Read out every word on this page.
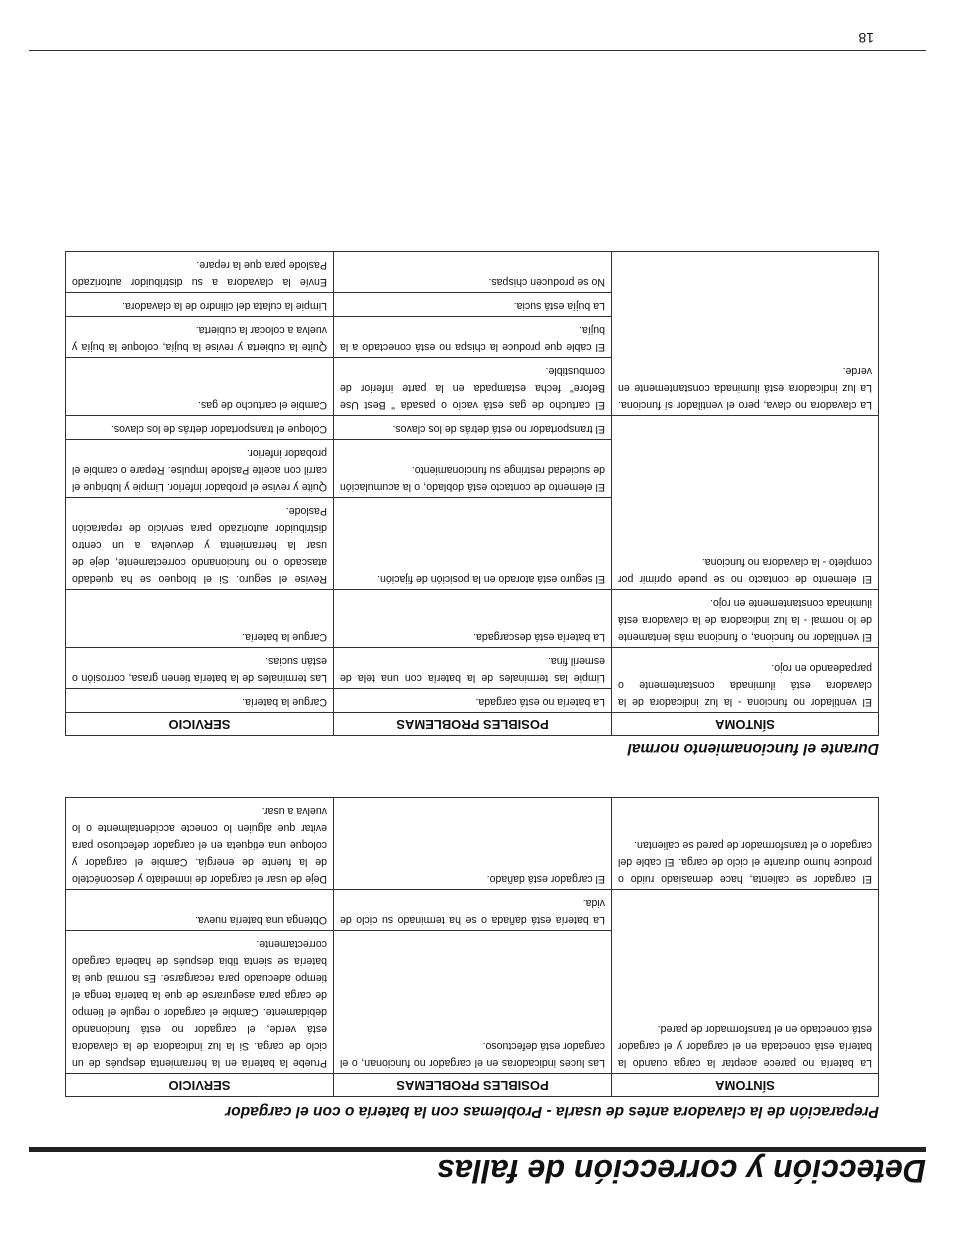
Detección y corrección de fallas
Preparación de la clavadora antes de usarla - Problemas con la batería o con el cargador
SÍNTOMA	POSIBLES PROBLEMAS	SERVICIO
La batería no parece aceptar la carga cuando la batería está conectada en el cargador y el cargador está conectado en el transformador de pared.	Las luces indicadoras en el cargador no funcionan, o el cargador está defectuoso.	Pruebe la batería en la herramienta después de un ciclo de carga. Si la luz indicadora de la clavadora está verde, el cargador no está funcionando debidamente. Cambie el cargador o regule el tiempo de carga para asegurarse de que la batería tenga el tiempo adecuado para recargarse. Es normal que la batería se sienta tibia después de haberla cargado correctamente.
	La batería está dañada o se ha terminado su ciclo de vida.	Obtenga una batería nueva.
El cargador se calienta, hace demasiado ruido o produce humo durante el ciclo de carga. El cable del cargador o el transformador de pared se calientan.	El cargador está dañado.	Deje de usar el cargador de inmediato y desconéctelo de la fuente de energía. Cambie el cargador y coloque una etiqueta en el cargador defectuoso para evitar que alguien lo conecte accidentalmente o lo vuelva a usar.
Durante el funcionamiento normal
SÍNTOMA	POSIBLES PROBLEMAS	SERVICIO
El ventilador no funciona - la luz indicadora de la clavadora está iluminada constantemente o parpadeando en rojo.	La batería no está cargada.	Cargue la batería.
	Limpie las terminales de la batería con una tela de esmeril fina.	Las terminales de la batería tienen grasa, corrosión o están sucias.
El ventilador no funciona, o funciona más lentamente de lo normal - la luz indicadora de la clavadora está iluminada constantemente en rojo.	La batería está descargada.	Cargue la batería.
El elemento de contacto no se puede oprimir por completo - la clavadora no funciona.	El seguro está atorado en la posición de fijación.	Revise el seguro. Si el bloqueo se ha quedado atascado o no funcionando correctamente, deje de usar la herramienta y devuelva a un centro distribuidor autorizado para servicio de reparación Paslode.
	El elemento de contacto está doblado, o la acumulación de suciedad restringe su funcionamiento.	Quite y revise el probador inferior. Limpie y lubrique el carril con aceite Paslode Impulse. Repare o cambie el probador inferior.
	El transportador no está detrás de los clavos.	Coloque el transportador detrás de los clavos.
La clavadora no clava, pero el ventilador sí funciona. La luz indicadora está iluminada constantemente en verde.	El cartucho de gas está vacío o pasada " Best Use Before" fecha estampada en la parte inferior de combustible.	Cambie el cartucho de gas.
	El cable que produce la chispa no está conectado a la bujía.	Quite la cubierta y revise la bujía, coloque la bujía y vuelva a colocar la cubierta.
	La bujía está sucia.	Limpie la culata del cilindro de la clavadora.
	No se producen chispas.	Envíe la clavadora a su distribuidor autorizado Paslode para que la repare.
18
